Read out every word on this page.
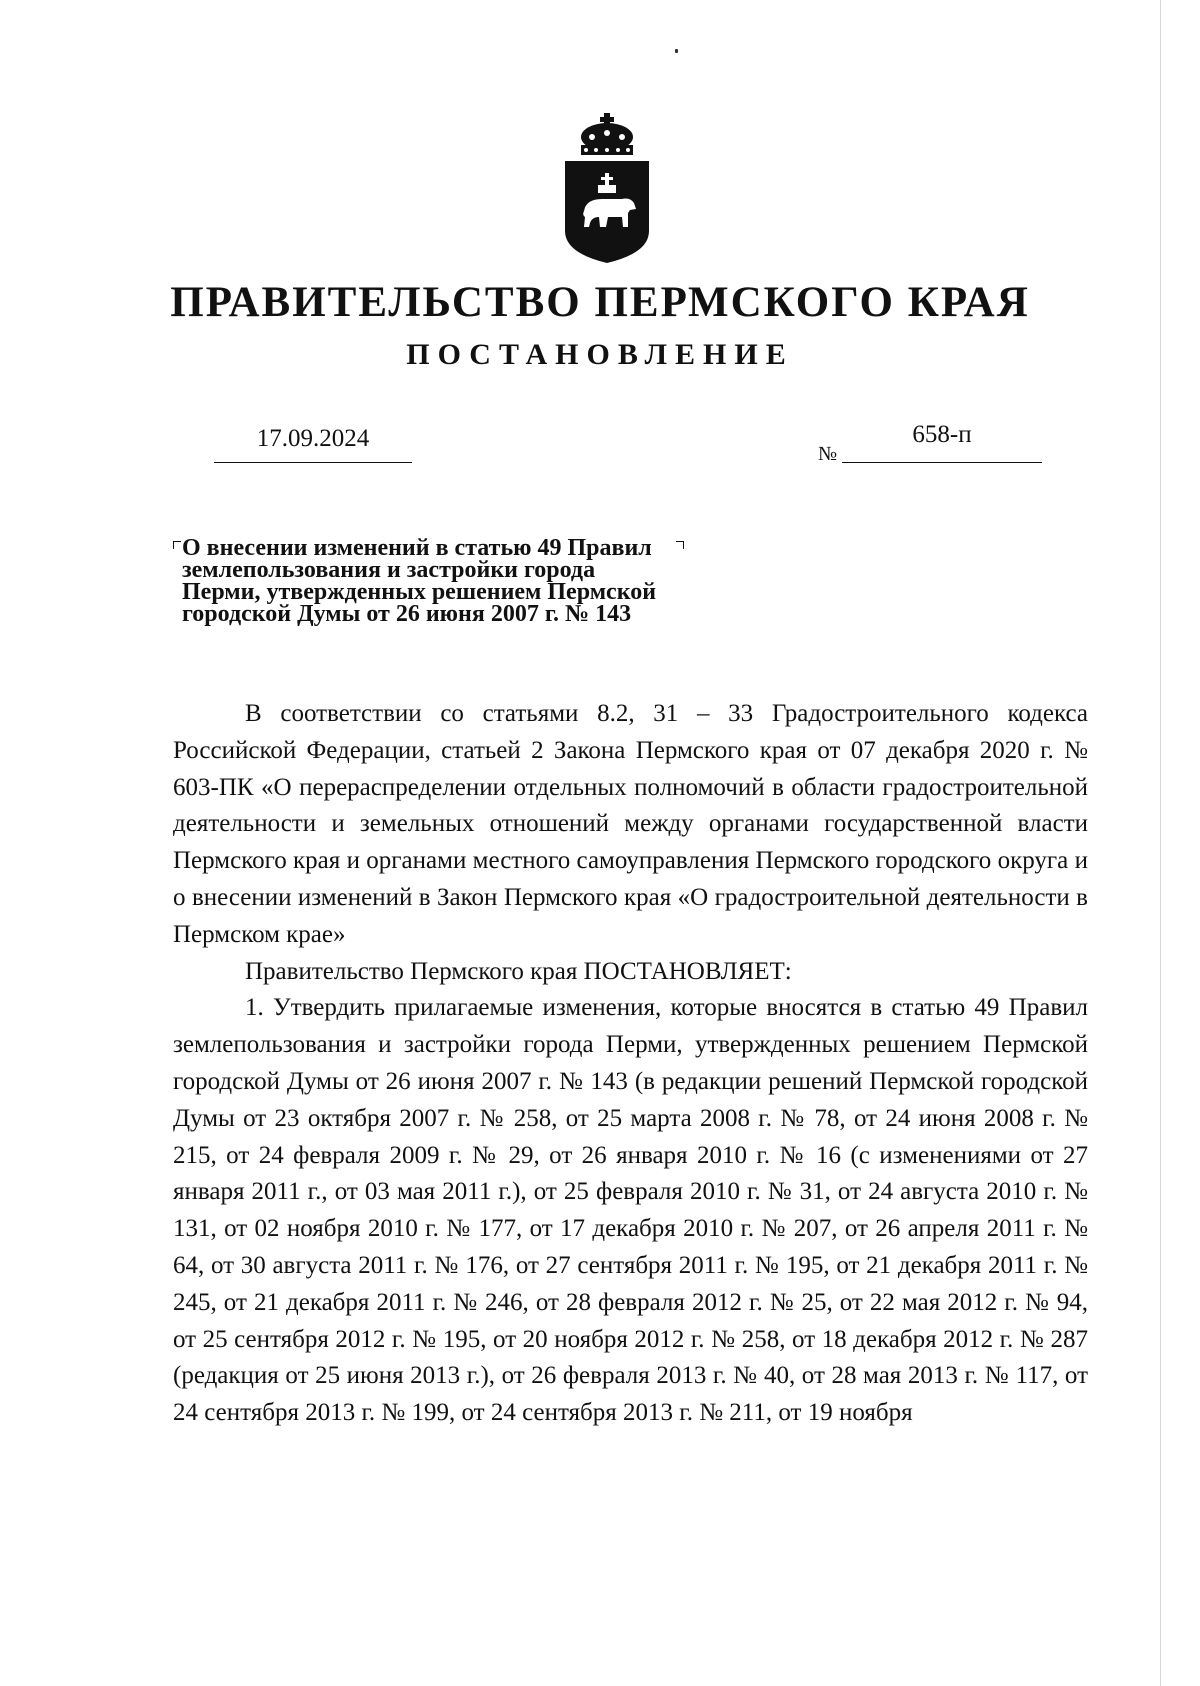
ПРАВИТЕЛЬСТВО ПЕРМСКОГО КРАЯ
ПОСТАНОВЛЕНИЕ
17.09.2024
№
658-п
О внесении изменений в статью 49 Правил
землепользования и застройки города
Перми, утвержденных решением Пермской
городской Думы от 26 июня 2007 г. № 143

В соответствии со статьями 8.2, 31 – 33 Градостроительного кодекса Российской Федерации, статьей 2 Закона Пермского края от 07 декабря 2020 г. № 603-ПК «О перераспределении отдельных полномочий в области градостроительной деятельности и земельных отношений между органами государственной власти Пермского края и органами местного самоуправления Пермского городского округа и о внесении изменений в Закон Пермского края «О градостроительной деятельности в Пермском крае»

Правительство Пермского края ПОСТАНОВЛЯЕТ:

1. Утвердить прилагаемые изменения, которые вносятся в статью 49 Правил землепользования и застройки города Перми, утвержденных решением Пермской городской Думы от 26 июня 2007 г. № 143 (в редакции решений Пермской городской Думы от 23 октября 2007 г. № 258, от 25 марта 2008 г. № 78, от 24 июня 2008 г. № 215, от 24 февраля 2009 г. № 29, от 26 января 2010 г. № 16 (с изменениями от 27 января 2011 г., от 03 мая 2011 г.), от 25 февраля 2010 г. № 31, от 24 августа 2010 г. № 131, от 02 ноября 2010 г. № 177, от 17 декабря 2010 г. № 207, от 26 апреля 2011 г. № 64, от 30 августа 2011 г. № 176, от 27 сентября 2011 г. № 195, от 21 декабря 2011 г. № 245, от 21 декабря 2011 г. № 246, от 28 февраля 2012 г. № 25, от 22 мая 2012 г. № 94, от 25 сентября 2012 г. № 195, от 20 ноября 2012 г. № 258, от 18 декабря 2012 г. № 287 (редакция от 25 июня 2013 г.), от 26 февраля 2013 г. № 40, от 28 мая 2013 г. № 117, от 24 сентября 2013 г. № 199, от 24 сентября 2013 г. № 211, от 19 ноября
